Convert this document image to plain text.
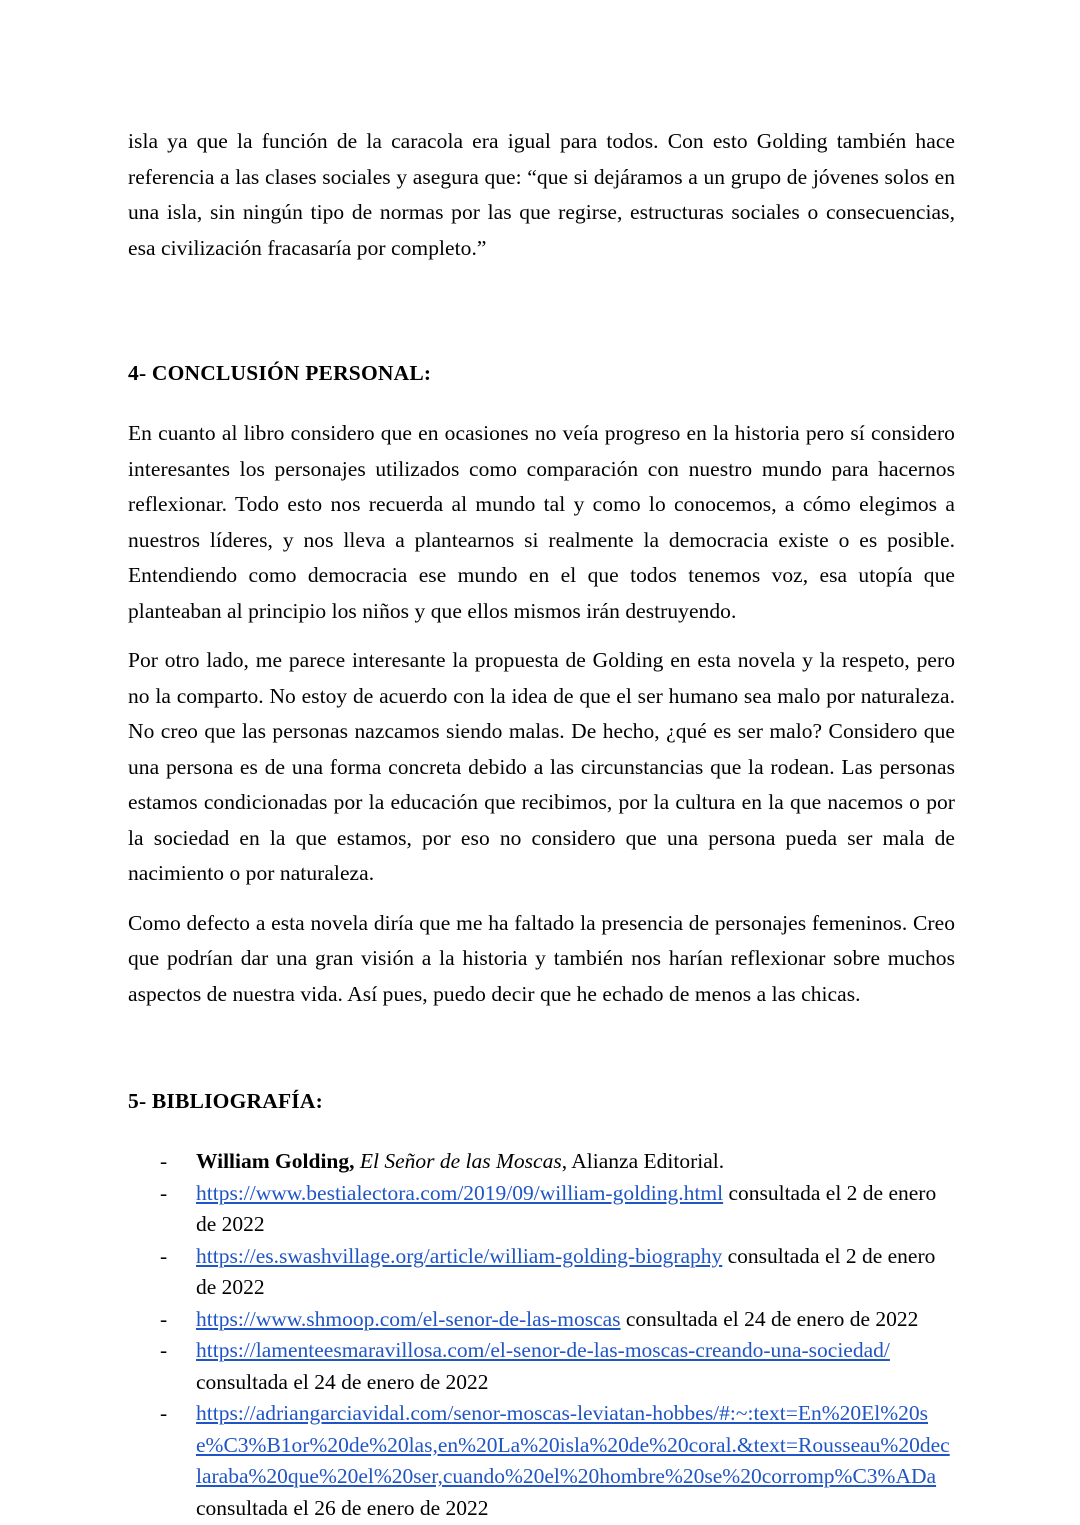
isla ya que la función de la caracola era igual para todos. Con esto Golding también hace referencia a las clases sociales y asegura que: “que si dejáramos a un grupo de jóvenes solos en una isla, sin ningún tipo de normas por las que regirse, estructuras sociales o consecuencias, esa civilización fracasaría por completo.”

4- CONCLUSIÓN PERSONAL:

En cuanto al libro considero que en ocasiones no veía progreso en la historia pero sí considero interesantes los personajes utilizados como comparación con nuestro mundo para hacernos reflexionar. Todo esto nos recuerda al mundo tal y como lo conocemos, a cómo elegimos a nuestros líderes, y nos lleva a plantearnos si realmente la democracia existe o es posible. Entendiendo como democracia ese mundo en el que todos tenemos voz, esa utopía que planteaban al principio los niños y que ellos mismos irán destruyendo.

Por otro lado, me parece interesante la propuesta de Golding en esta novela y la respeto, pero no la comparto. No estoy de acuerdo con la idea de que el ser humano sea malo por naturaleza. No creo que las personas nazcamos siendo malas. De hecho, ¿qué es ser malo? Considero que una persona es de una forma concreta debido a las circunstancias que la rodean. Las personas estamos condicionadas por la educación que recibimos, por la cultura en la que nacemos o por la sociedad en la que estamos, por eso no considero que una persona pueda ser mala de nacimiento o por naturaleza.

Como defecto a esta novela diría que me ha faltado la presencia de personajes femeninos. Creo que podrían dar una gran visión a la historia y también nos harían reflexionar sobre muchos aspectos de nuestra vida. Así pues, puedo decir que he echado de menos a las chicas.

5- BIBLIOGRAFÍA:
- William Golding, El Señor de las Moscas, Alianza Editorial.
- https://www.bestialectora.com/2019/09/william-golding.html consultada el 2 de enero de 2022
- https://es.swashvillage.org/article/william-golding-biography consultada el 2 de enero de 2022
- https://www.shmoop.com/el-senor-de-las-moscas consultada el 24 de enero de 2022
- https://lamenteesmaravillosa.com/el-senor-de-las-moscas-creando-una-sociedad/ consultada el 24 de enero de 2022
- https://adriangarciavidal.com/senor-moscas-leviatan-hobbes/#:~:text=En%20El%20se%C3%B1or%20de%20las,en%20La%20isla%20de%20coral.&text=Rousseau%20declaraba%20que%20el%20ser,cuando%20el%20hombre%20se%20corromp%C3%ADa consultada el 26 de enero de 2022
